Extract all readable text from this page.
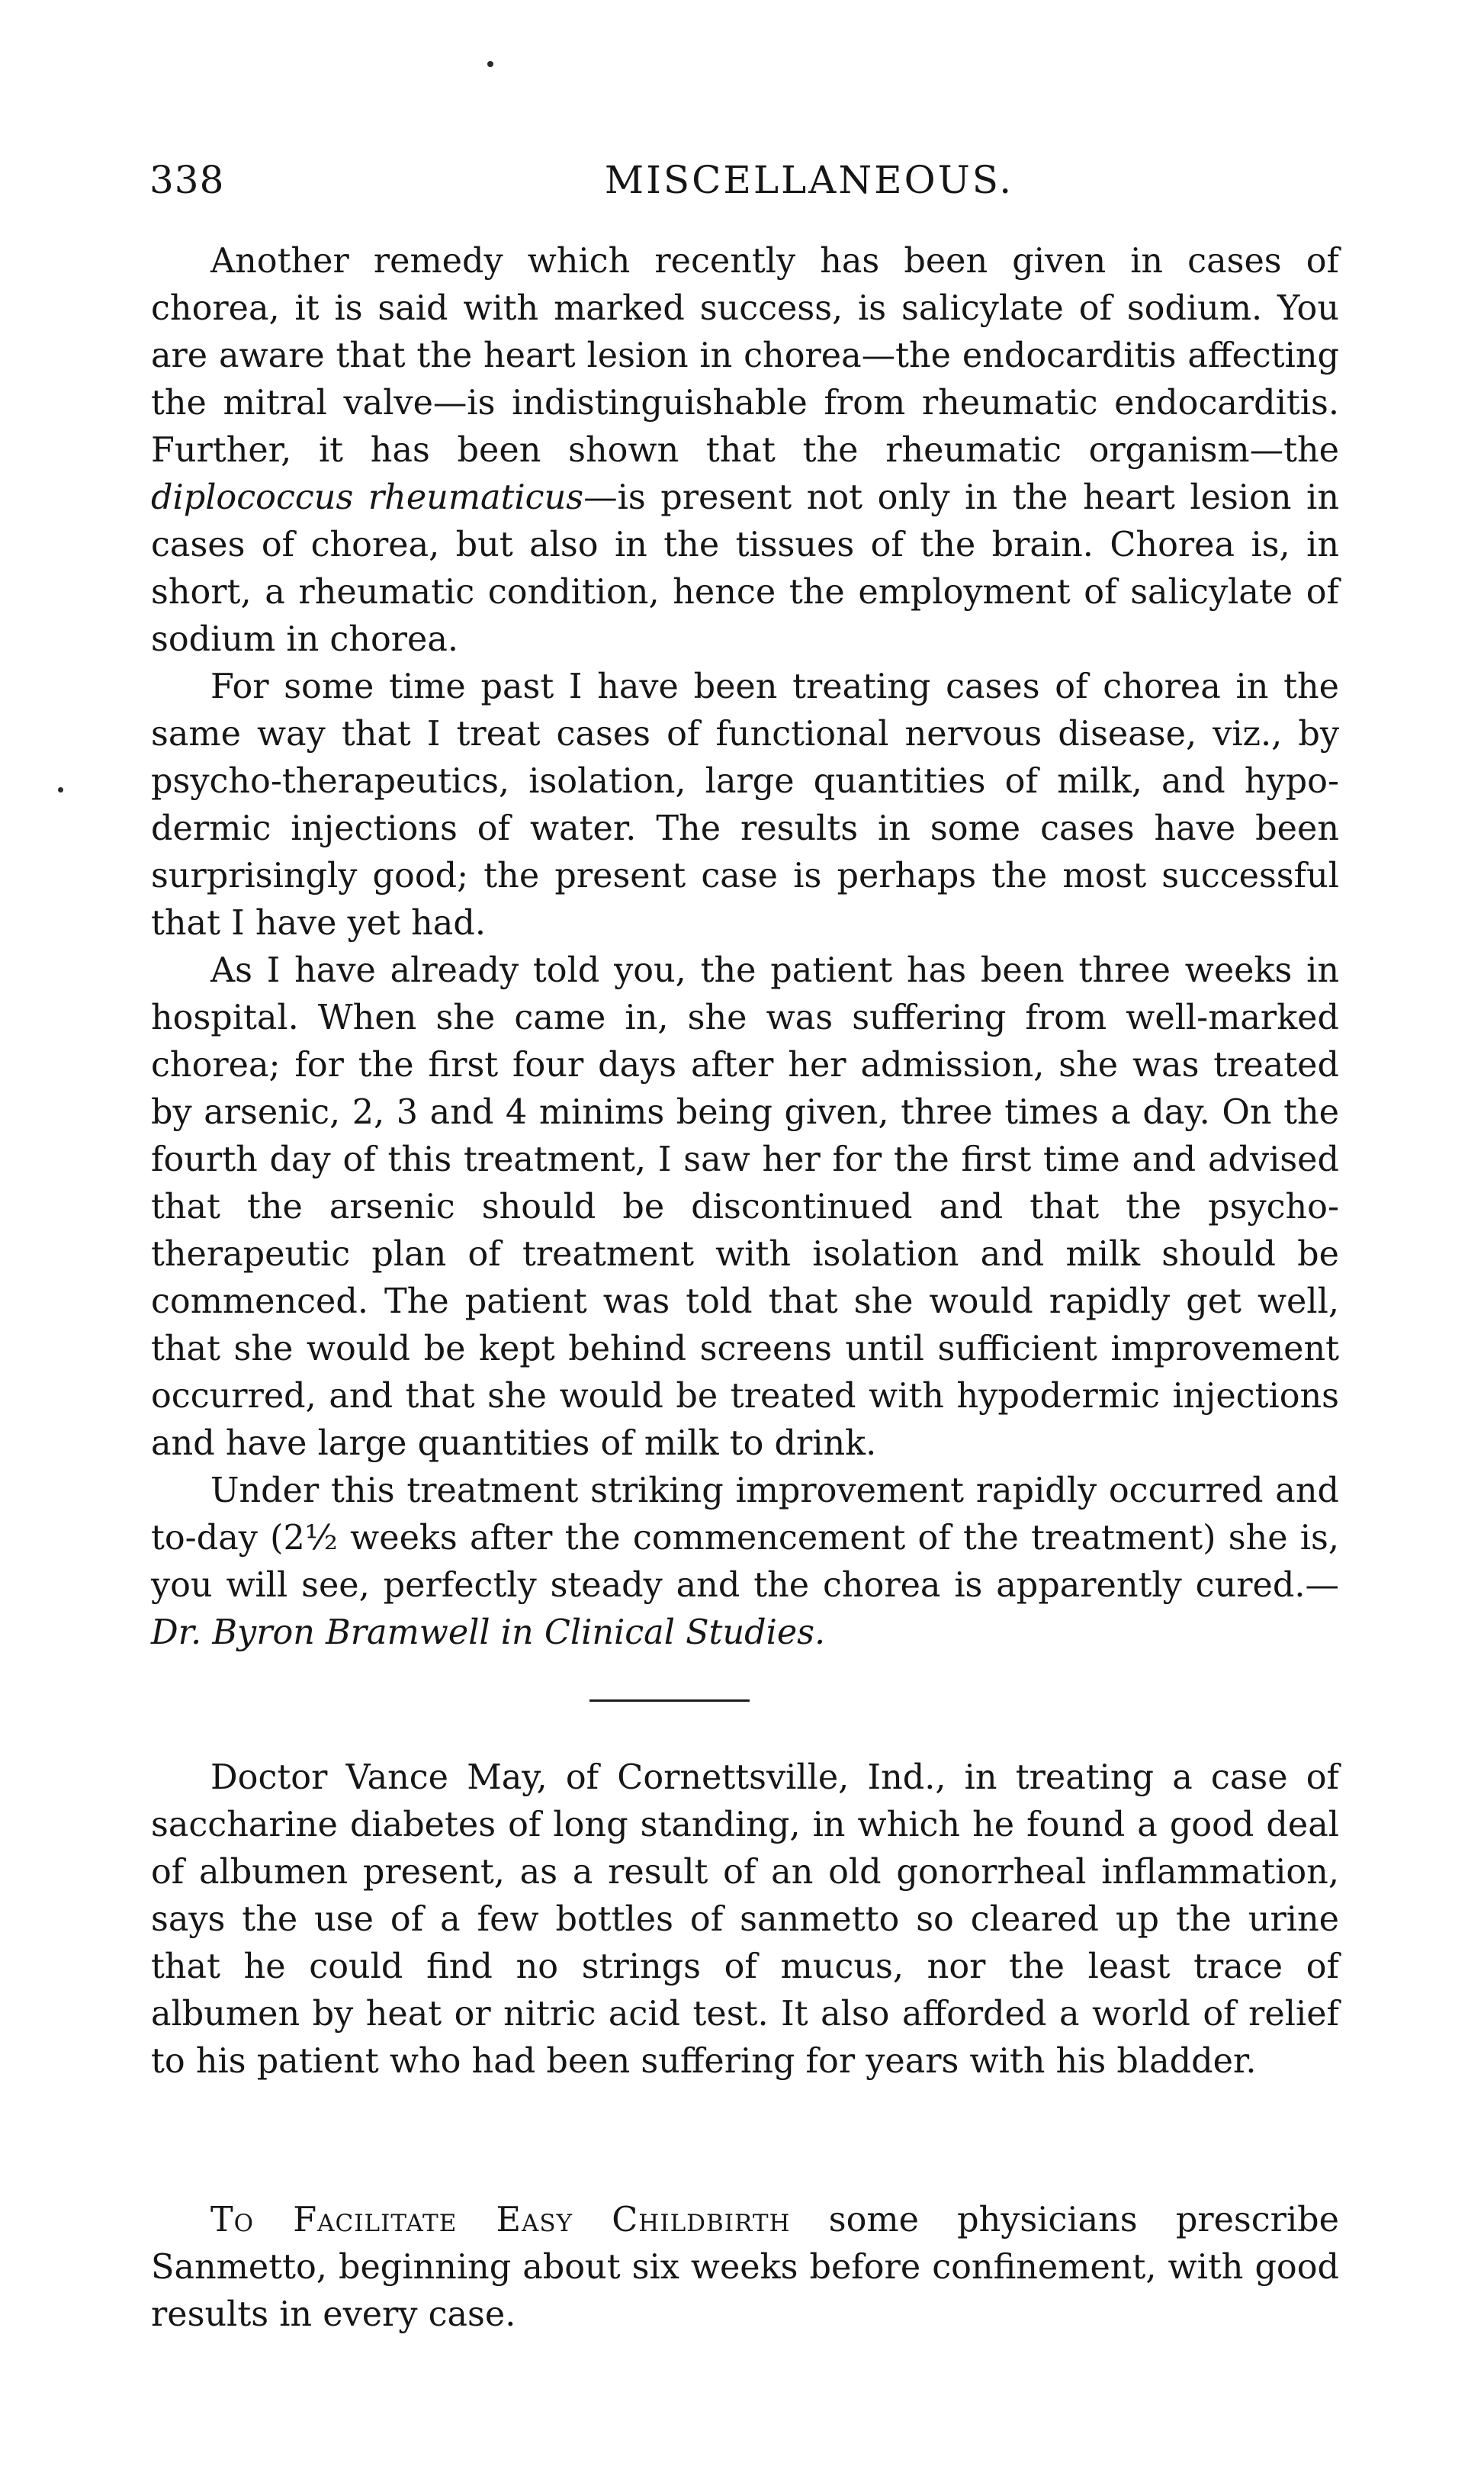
338	MISCELLANEOUS.

Another remedy which recently has been given in cases of chorea, it is said with marked success, is salicylate of sodium. You are aware that the heart lesion in chorea—the endocarditis affecting the mitral valve—is indistinguishable from rheumatic endocarditis. Further, it has been shown that the rheumatic organism—the diplococcus rheumaticus—is present not only in the heart lesion in cases of chorea, but also in the tissues of the brain. Chorea is, in short, a rheumatic condition, hence the employment of salicylate of sodium in chorea.

For some time past I have been treating cases of chorea in the same way that I treat cases of functional nervous disease, viz., by psycho-therapeutics, isolation, large quantities of milk, and hypodermic injections of water. The results in some cases have been surprisingly good; the present case is perhaps the most successful that I have yet had.

As I have already told you, the patient has been three weeks in hospital. When she came in, she was suffering from well-marked chorea; for the first four days after her admission, she was treated by arsenic, 2, 3 and 4 minims being given, three times a day. On the fourth day of this treatment, I saw her for the first time and advised that the arsenic should be discontinued and that the psycho-therapeutic plan of treatment with isolation and milk should be commenced. The patient was told that she would rapidly get well, that she would be kept behind screens until sufficient improvement occurred, and that she would be treated with hypodermic injections and have large quantities of milk to drink.

Under this treatment striking improvement rapidly occurred and to-day (2½ weeks after the commencement of the treatment) she is, you will see, perfectly steady and the chorea is apparently cured.—Dr. Byron Bramwell in Clinical Studies.

Doctor Vance May, of Cornettsville, Ind., in treating a case of saccharine diabetes of long standing, in which he found a good deal of albumen present, as a result of an old gonorrheal inflammation, says the use of a few bottles of sanmetto so cleared up the urine that he could find no strings of mucus, nor the least trace of albumen by heat or nitric acid test. It also afforded a world of relief to his patient who had been suffering for years with his bladder.

To Facilitate Easy Childbirth some physicians prescribe Sanmetto, beginning about six weeks before confinement, with good results in every case.
